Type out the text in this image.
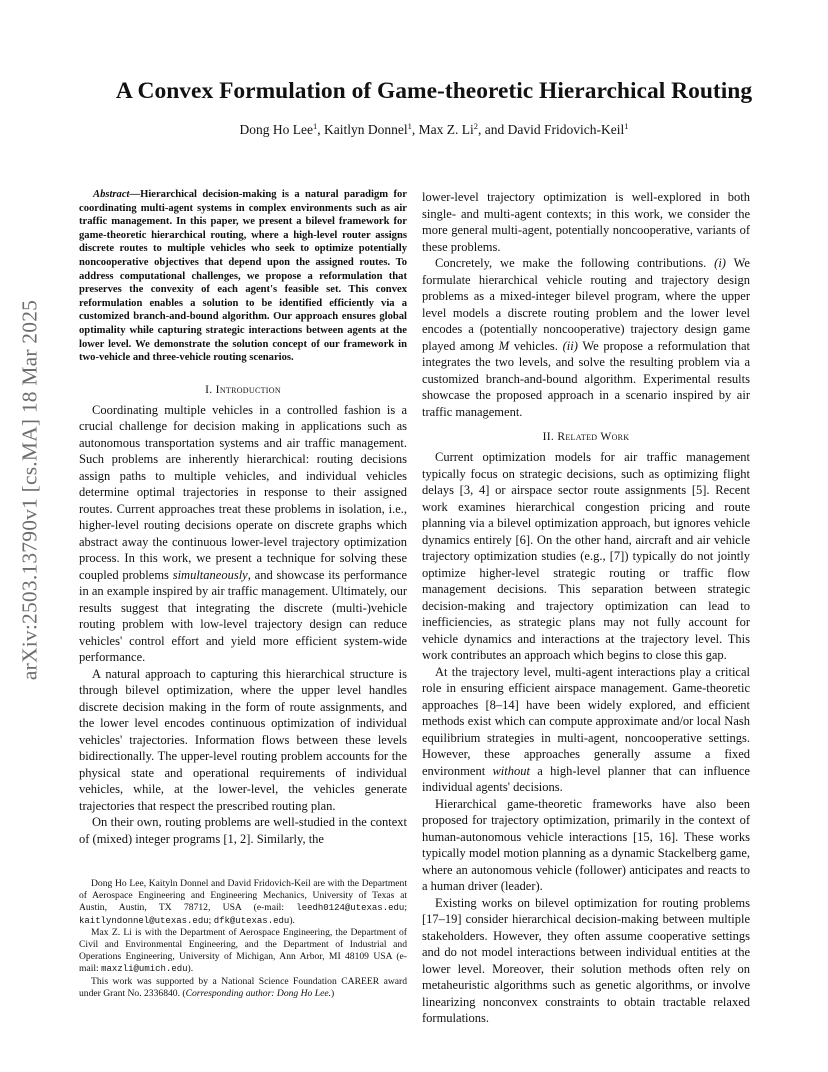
arXiv:2503.13790v1 [cs.MA] 18 Mar 2025
A Convex Formulation of Game-theoretic Hierarchical Routing
Dong Ho Lee$^1$, Kaitlyn Donnel$^1$, Max Z. Li$^2$, and David Fridovich-Keil$^1$

Abstract—Hierarchical decision-making is a natural paradigm for coordinating multi-agent systems in complex environments such as air traffic management. In this paper, we present a bilevel framework for game-theoretic hierarchical routing, where a high-level router assigns discrete routes to multiple vehicles who seek to optimize potentially noncooperative objectives that depend upon the assigned routes. To address computational challenges, we propose a reformulation that preserves the convexity of each agent's feasible set. This convex reformulation enables a solution to be identified efficiently via a customized branch-and-bound algorithm. Our approach ensures global optimality while capturing strategic interactions between agents at the lower level. We demonstrate the solution concept of our framework in two-vehicle and three-vehicle routing scenarios.

I. Introduction

Coordinating multiple vehicles in a controlled fashion is a crucial challenge for decision making in applications such as autonomous transportation systems and air traffic management. Such problems are inherently hierarchical: routing decisions assign paths to multiple vehicles, and individual vehicles determine optimal trajectories in response to their assigned routes. Current approaches treat these problems in isolation, i.e., higher-level routing decisions operate on discrete graphs which abstract away the continuous lower-level trajectory optimization process. In this work, we present a technique for solving these coupled problems simultaneously, and showcase its performance in an example inspired by air traffic management. Ultimately, our results suggest that integrating the discrete (multi-)vehicle routing problem with low-level trajectory design can reduce vehicles' control effort and yield more efficient system-wide performance.

A natural approach to capturing this hierarchical structure is through bilevel optimization, where the upper level handles discrete decision making in the form of route assignments, and the lower level encodes continuous optimization of individual vehicles' trajectories. Information flows between these levels bidirectionally. The upper-level routing problem accounts for the physical state and operational requirements of individual vehicles, while, at the lower-level, the vehicles generate trajectories that respect the prescribed routing plan.

On their own, routing problems are well-studied in the context of (mixed) integer programs [1, 2]. Similarly, the

lower-level trajectory optimization is well-explored in both single- and multi-agent contexts; in this work, we consider the more general multi-agent, potentially noncooperative, variants of these problems.

Concretely, we make the following contributions. (i) We formulate hierarchical vehicle routing and trajectory design problems as a mixed-integer bilevel program, where the upper level models a discrete routing problem and the lower level encodes a (potentially noncooperative) trajectory design game played among M vehicles. (ii) We propose a reformulation that integrates the two levels, and solve the resulting problem via a customized branch-and-bound algorithm. Experimental results showcase the proposed approach in a scenario inspired by air traffic management.

II. Related Work

Current optimization models for air traffic management typically focus on strategic decisions, such as optimizing flight delays [3, 4] or airspace sector route assignments [5]. Recent work examines hierarchical congestion pricing and route planning via a bilevel optimization approach, but ignores vehicle dynamics entirely [6]. On the other hand, aircraft and air vehicle trajectory optimization studies (e.g., [7]) typically do not jointly optimize higher-level strategic routing or traffic flow management decisions. This separation between strategic decision-making and trajectory optimization can lead to inefficiencies, as strategic plans may not fully account for vehicle dynamics and interactions at the trajectory level. This work contributes an approach which begins to close this gap.

At the trajectory level, multi-agent interactions play a critical role in ensuring efficient airspace management. Game-theoretic approaches [8–14] have been widely explored, and efficient methods exist which can compute approximate and/or local Nash equilibrium strategies in multi-agent, noncooperative settings. However, these approaches generally assume a fixed environment without a high-level planner that can influence individual agents' decisions.

Hierarchical game-theoretic frameworks have also been proposed for trajectory optimization, primarily in the context of human-autonomous vehicle interactions [15, 16]. These works typically model motion planning as a dynamic Stackelberg game, where an autonomous vehicle (follower) anticipates and reacts to a human driver (leader).

Existing works on bilevel optimization for routing problems [17–19] consider hierarchical decision-making between multiple stakeholders. However, they often assume cooperative settings and do not model interactions between individual entities at the lower level. Moreover, their solution methods often rely on metaheuristic algorithms such as genetic algorithms, or involve linearizing nonconvex constraints to obtain tractable relaxed formulations.

Dong Ho Lee, Kaityln Donnel and David Fridovich-Keil are with the Department of Aerospace Engineering and Engineering Mechanics, University of Texas at Austin, Austin, TX 78712, USA (e-mail: leedh0124@utexas.edu; kaitlyndonnel@utexas.edu; dfk@utexas.edu).

Max Z. Li is with the Department of Aerospace Engineering, the Department of Civil and Environmental Engineering, and the Department of Industrial and Operations Engineering, University of Michigan, Ann Arbor, MI 48109 USA (e-mail: maxzli@umich.edu).

This work was supported by a National Science Foundation CAREER award under Grant No. 2336840. (Corresponding author: Dong Ho Lee.)
